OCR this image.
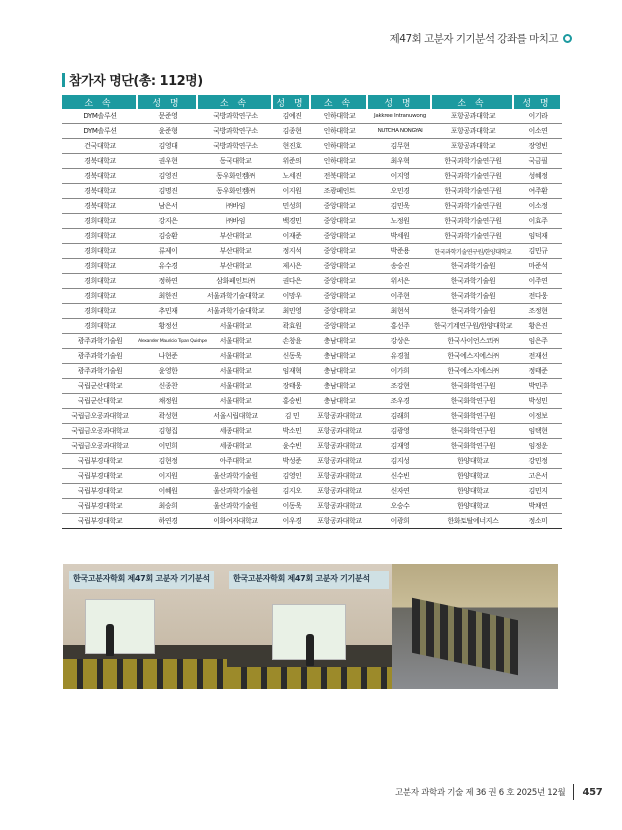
제47회 고분자 기기분석 강좌를 마치고
참가자 명단(총: 112명)
소 속	성 명	소 속	성 명	소 속	성 명	소 속	성 명
DYM솔루션	문준영	국방과학연구소	김예진	인하대학교	Jakkree Intranuwong	포항공과대학교	이기라
DYM솔루션	윤준형	국방과학연구소	김종현	인하대학교	NUTCHA NONGYAI	포항공과대학교	이소연
건국대학교	김영대	국방과학연구소	현진호	인하대학교	김무현	포항공과대학교	장영빈
경북대학교	권우현	동국대학교	위준의	인하대학교	최우혁	한국과학기술연구원	국금필
경북대학교	김영진	동우화인켐㈜	노세진	전북대학교	이지영	한국과학기술연구원	성혜정
경북대학교	김명진	동우화인켐㈜	이지원	조광페인트	오민경	한국과학기술연구원	여주환
경북대학교	남은서	㈜바임	민성희	중앙대학교	김민욱	한국과학기술연구원	이소정
경희대학교	강지은	㈜바임	백경민	중앙대학교	노정원	한국과학기술연구원	이효주
경희대학교	김승환	부산대학교	이재준	중앙대학교	박세원	한국과학기술연구원	임덕재
경희대학교	류제이	부산대학교	정지석	중앙대학교	박준용	한국과학기술연구원/한양대학교	김민규
경희대학교	유수경	부산대학교	제시은	중앙대학교	송승진	한국과학기술원	마준석
경희대학교	정하연	삼화페인트㈜	권다은	중앙대학교	위서은	한국과학기술원	이주연
경희대학교	최한진	서울과학기술대학교	이망우	중앙대학교	이주현	한국과학기술원	전다웅
경희대학교	추민재	서울과학기술대학교	최민영	중앙대학교	최현석	한국과학기술원	조정현
경희대학교	황정선	서울대학교	곽효원	중앙대학교	홍선주	한국기계연구원/한양대학교	황은진
광주과학기술원	Alexander Mauricio Tipan Quishpe	서울대학교	손창윤	충남대학교	강상은	한국사이언스코㈜	임은주
광주과학기술원	나현준	서울대학교	신동욱	충남대학교	유경철	한국에스지에스㈜	전재선
광주과학기술원	윤영한	서울대학교	임재혁	충남대학교	이가희	한국에스지에스㈜	정태준
국립군산대학교	신종찬	서울대학교	장태웅	충남대학교	조강현	한국화학연구원	박민주
국립군산대학교	채정원	서울대학교	홍승빈	충남대학교	조우경	한국화학연구원	박성민
국립금오공과대학교	곽성현	서울시립대학교	김 민	포항공과대학교	김래희	한국화학연구원	이정보
국립금오공과대학교	김형집	세종대학교	박소민	포항공과대학교	김광영	한국화학연구원	임택현
국립금오공과대학교	이민희	세종대학교	윤수빈	포항공과대학교	김재영	한국화학연구원	임정운
국립부경대학교	김현정	아주대학교	박성준	포항공과대학교	김지성	한양대학교	강민정
국립부경대학교	이지원	울산과학기술원	김영인	포항공과대학교	신수빈	한양대학교	고은서
국립부경대학교	이혜원	울산과학기술원	김지오	포항공과대학교	신자연	한양대학교	김민지
국립부경대학교	최승희	울산과학기술원	이동욱	포항공과대학교	오승수	한양대학교	박채연
국립부경대학교	하연경	이화여자대학교	이우경	포항공과대학교	이광희	한화토탈에너지스	정소미
한국고분자학회 제47회 고분자 기기분석	한국고분자학회 제47회 고분자 기기분석
고분자 과학과 기술 제 36 권 6 호 2025년 12월 457
